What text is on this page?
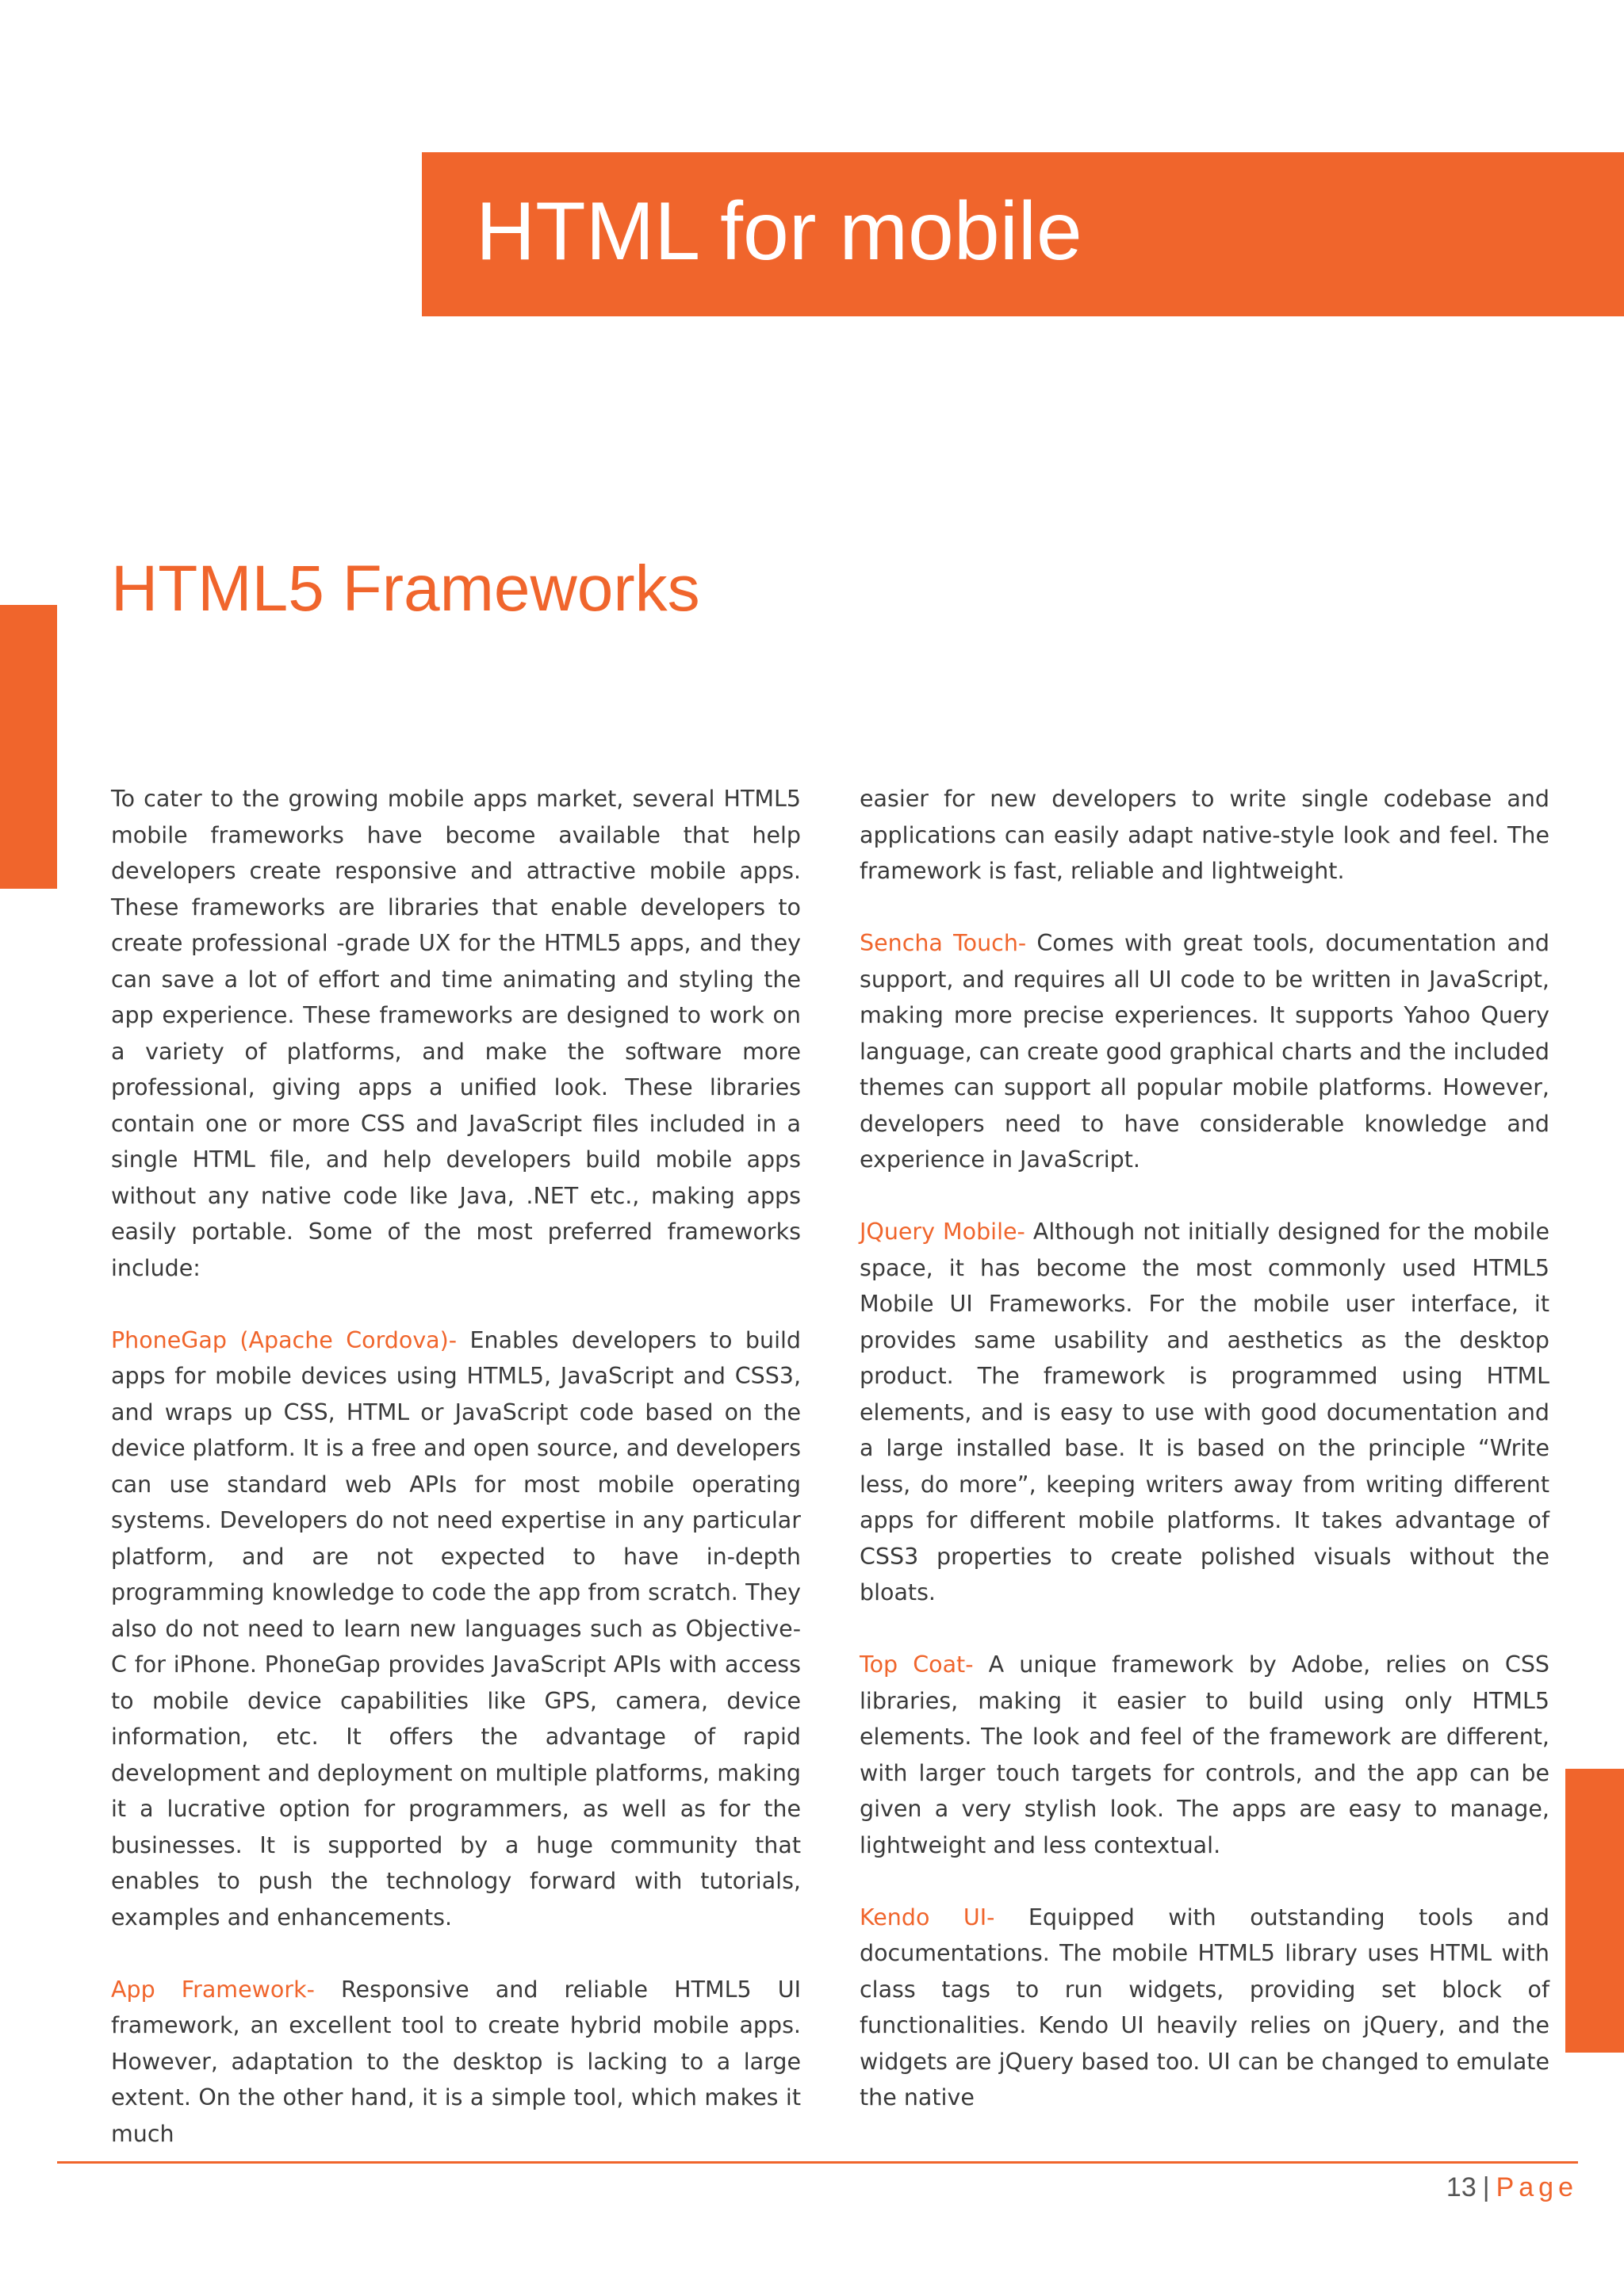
HTML for mobile
HTML5 Frameworks

To cater to the growing mobile apps market, several HTML5 mobile frameworks have become available that help developers create responsive and attractive mobile apps. These frameworks are libraries that enable developers to create professional -grade UX for the HTML5 apps, and they can save a lot of effort and time animating and styling the app experience. These frameworks are designed to work on a variety of platforms, and make the software more professional, giving apps a unified look. These libraries contain one or more CSS and JavaScript files included in a single HTML file, and help developers build mobile apps without any native code like Java, .NET etc., making apps easily portable. Some of the most preferred frameworks include:

PhoneGap (Apache Cordova)- Enables developers to build apps for mobile devices using HTML5, JavaScript and CSS3, and wraps up CSS, HTML or JavaScript code based on the device platform. It is a free and open source, and developers can use standard web APIs for most mobile operating systems. Developers do not need expertise in any particular platform, and are not expected to have in-depth programming knowledge to code the app from scratch. They also do not need to learn new languages such as Objective-C for iPhone. PhoneGap provides JavaScript APIs with access to mobile device capabilities like GPS, camera, device information, etc. It offers the advantage of rapid development and deployment on multiple platforms, making it a lucrative option for programmers, as well as for the businesses. It is supported by a huge community that enables to push the technology forward with tutorials, examples and enhancements.

App Framework- Responsive and reliable HTML5 UI framework, an excellent tool to create hybrid mobile apps. However, adaptation to the desktop is lacking to a large extent. On the other hand, it is a simple tool, which makes it much

easier for new developers to write single codebase and applications can easily adapt native-style look and feel. The framework is fast, reliable and lightweight.

Sencha Touch- Comes with great tools, documentation and support, and requires all UI code to be written in JavaScript, making more precise experiences. It supports Yahoo Query language, can create good graphical charts and the included themes can support all popular mobile platforms. However, developers need to have considerable knowledge and experience in JavaScript.

JQuery Mobile- Although not initially designed for the mobile space, it has become the most commonly used HTML5 Mobile UI Frameworks. For the mobile user interface, it provides same usability and aesthetics as the desktop product. The framework is programmed using HTML elements, and is easy to use with good documentation and a large installed base. It is based on the principle “Write less, do more”, keeping writers away from writing different apps for different mobile platforms. It takes advantage of CSS3 properties to create polished visuals without the bloats.

Top Coat- A unique framework by Adobe, relies on CSS libraries, making it easier to build using only HTML5 elements. The look and feel of the framework are different, with larger touch targets for controls, and the app can be given a very stylish look. The apps are easy to manage, lightweight and less contextual.

Kendo UI- Equipped with outstanding tools and documentations. The mobile HTML5 library uses HTML with class tags to run widgets, providing set block of functionalities. Kendo UI heavily relies on jQuery, and the widgets are jQuery based too. UI can be changed to emulate the native

13 | Page
